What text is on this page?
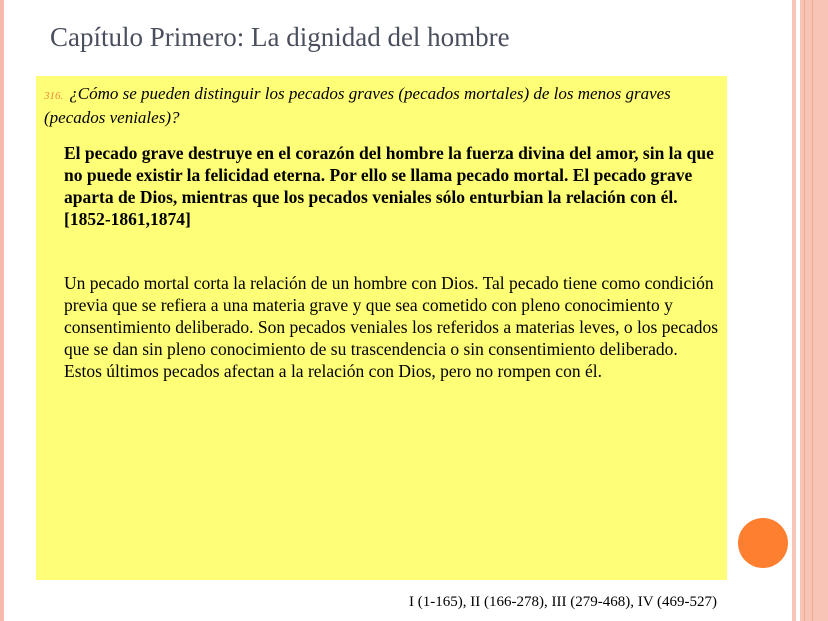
Capítulo Primero: La dignidad del hombre
316. ¿Cómo se pueden distinguir los pecados graves (pecados mortales) de los menos graves (pecados veniales)?
El pecado grave destruye en el corazón del hombre la fuerza divina del amor, sin la que no puede existir la felicidad eterna. Por ello se llama pecado mortal. El pecado grave aparta de Dios, mientras que los pecados veniales sólo enturbian la relación con él. [1852-1861,1874]
Un pecado mortal corta la relación de un hombre con Dios. Tal pecado tiene como condición previa que se refiera a una materia grave y que sea cometido con pleno conocimiento y consentimiento deliberado. Son pecados veniales los referidos a materias leves, o los pecados que se dan sin pleno conocimiento de su trascendencia o sin consentimiento deliberado. Estos últimos pecados afectan a la relación con Dios, pero no rompen con él.
I (1-165), II (166-278), III (279-468), IV (469-527)
